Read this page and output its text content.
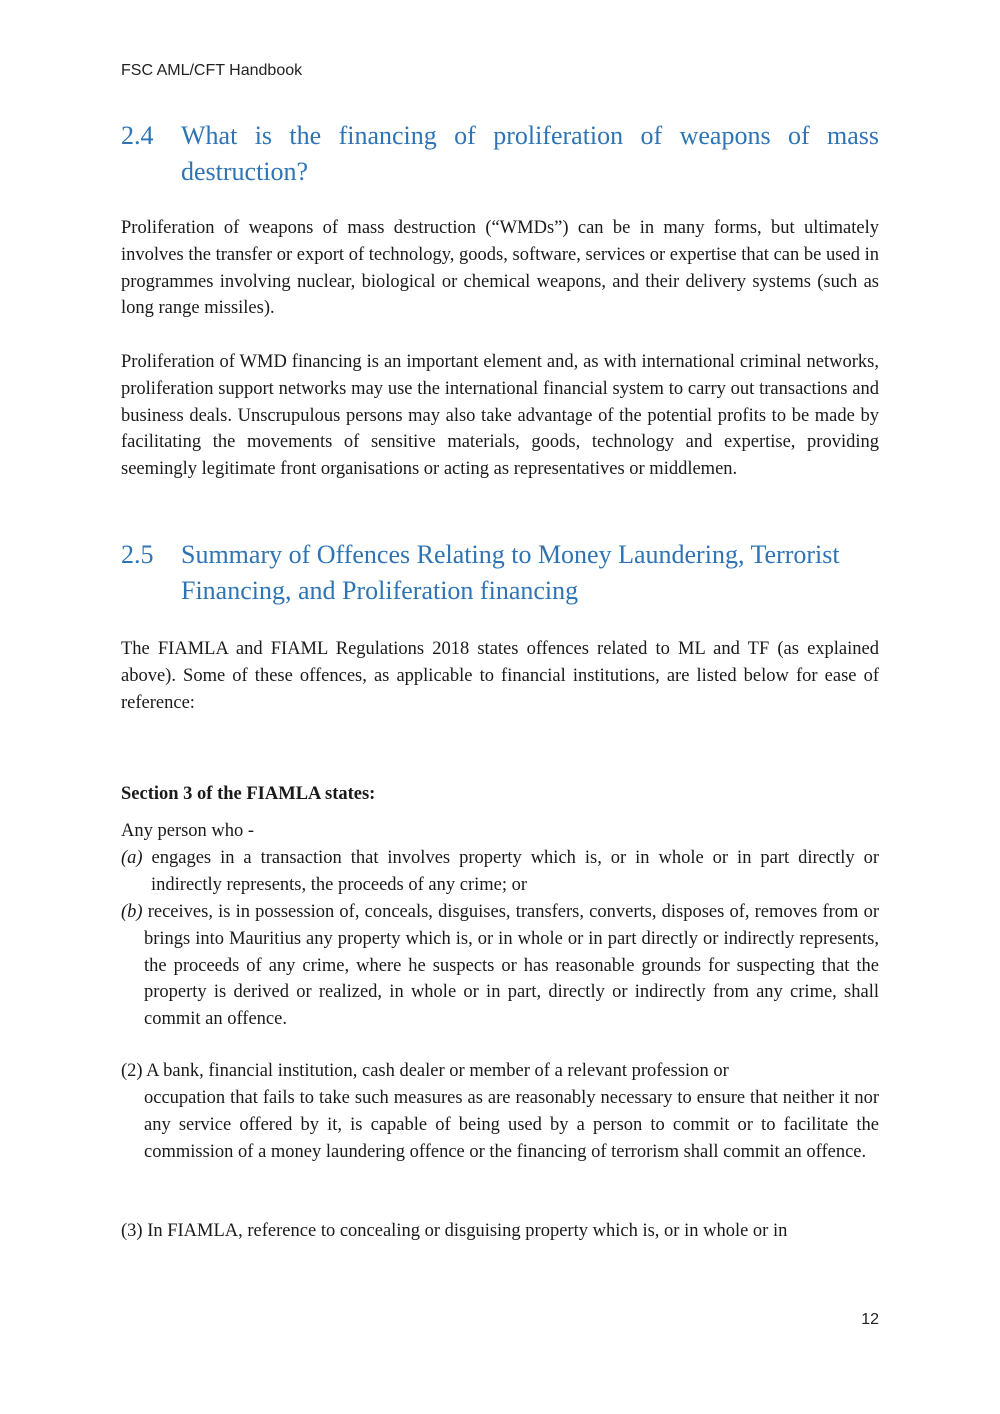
FSC AML/CFT Handbook
2.4 What is the financing of proliferation of weapons of mass destruction?

Proliferation of weapons of mass destruction (“WMDs”) can be in many forms, but ultimately involves the transfer or export of technology, goods, software, services or expertise that can be used in programmes involving nuclear, biological or chemical weapons, and their delivery systems (such as long range missiles).

Proliferation of WMD financing is an important element and, as with international criminal networks, proliferation support networks may use the international financial system to carry out transactions and business deals. Unscrupulous persons may also take advantage of the potential profits to be made by facilitating the movements of sensitive materials, goods, technology and expertise, providing seemingly legitimate front organisations or acting as representatives or middlemen.

2.5 Summary of Offences Relating to Money Laundering, Terrorist Financing, and Proliferation financing

The FIAMLA and FIAML Regulations 2018 states offences related to ML and TF (as explained above). Some of these offences, as applicable to financial institutions, are listed below for ease of reference:

Section 3 of the FIAMLA states:

Any person who -

(a) engages in a transaction that involves property which is, or in whole or in part directly or indirectly represents, the proceeds of any crime; or

(b) receives, is in possession of, conceals, disguises, transfers, converts, disposes of, removes from or brings into Mauritius any property which is, or in whole or in part directly or indirectly represents, the proceeds of any crime, where he suspects or has reasonable grounds for suspecting that the property is derived or realized, in whole or in part, directly or indirectly from any crime, shall commit an offence.

(2) A bank, financial institution, cash dealer or member of a relevant profession or

occupation that fails to take such measures as are reasonably necessary to ensure that neither it nor any service offered by it, is capable of being used by a person to commit or to facilitate the commission of a money laundering offence or the financing of terrorism shall commit an offence.

(3) In FIAMLA, reference to concealing or disguising property which is, or in whole or in

12
